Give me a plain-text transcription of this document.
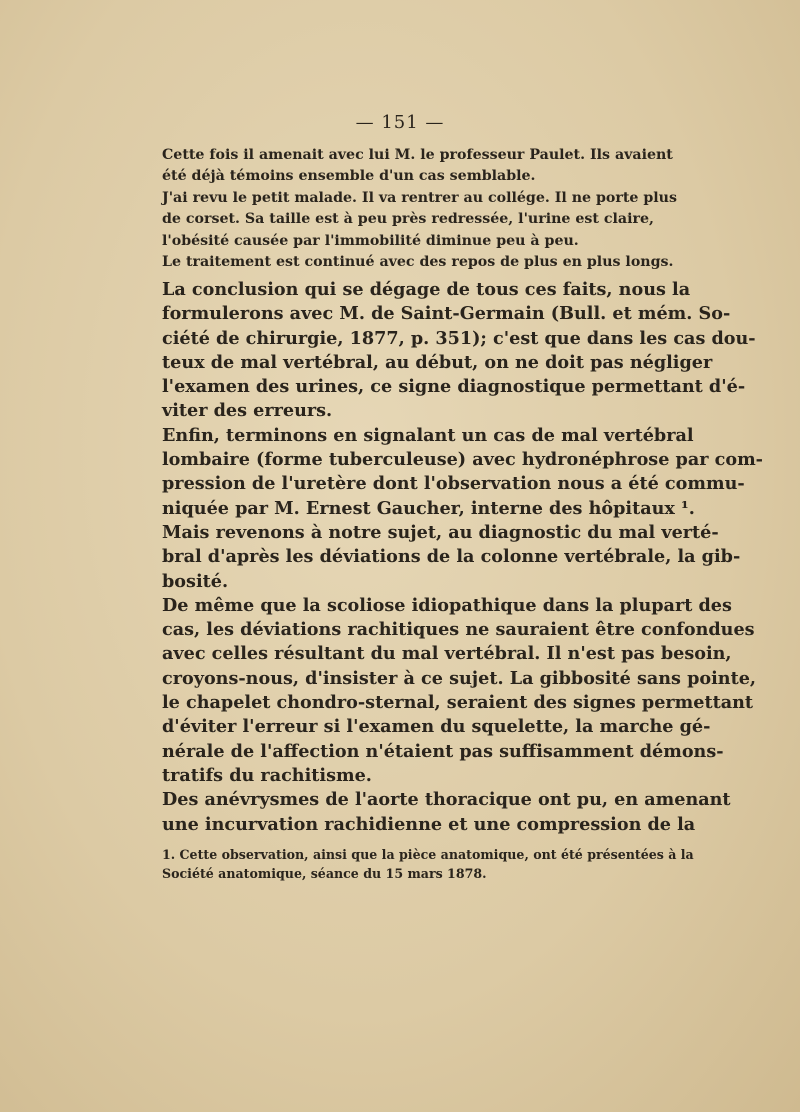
— 151 —
Cette fois il amenait avec lui M. le professeur Paulet. Ils avaient
été déjà témoins ensemble d'un cas semblable.
J'ai revu le petit malade. Il va rentrer au collége. Il ne porte plus
de corset. Sa taille est à peu près redressée, l'urine est claire,
l'obésité causée par l'immobilité diminue peu à peu.
Le traitement est continué avec des repos de plus en plus longs.
La conclusion qui se dégage de tous ces faits, nous la
formulerons avec M. de Saint-Germain (Bull. et mém. So-
ciété de chirurgie, 1877, p. 351); c'est que dans les cas dou-
teux de mal vertébral, au début, on ne doit pas négliger
l'examen des urines, ce signe diagnostique permettant d'é-
viter des erreurs.
Enfin, terminons en signalant un cas de mal vertébral
lombaire (forme tuberculeuse) avec hydronéphrose par com-
pression de l'uretère dont l'observation nous a été commu-
niquée par M. Ernest Gaucher, interne des hôpitaux ¹.
Mais revenons à notre sujet, au diagnostic du mal verté-
bral d'après les déviations de la colonne vertébrale, la gib-
bosité.
De même que la scoliose idiopathique dans la plupart des
cas, les déviations rachitiques ne sauraient être confondues
avec celles résultant du mal vertébral. Il n'est pas besoin,
croyons-nous, d'insister à ce sujet. La gibbosité sans pointe,
le chapelet chondro-sternal, seraient des signes permettant
d'éviter l'erreur si l'examen du squelette, la marche gé-
nérale de l'affection n'étaient pas suffisamment démons-
tratifs du rachitisme.
Des anévrysmes de l'aorte thoracique ont pu, en amenant
une incurvation rachidienne et une compression de la
1. Cette observation, ainsi que la pièce anatomique, ont été présentées à la
Société anatomique, séance du 15 mars 1878.
